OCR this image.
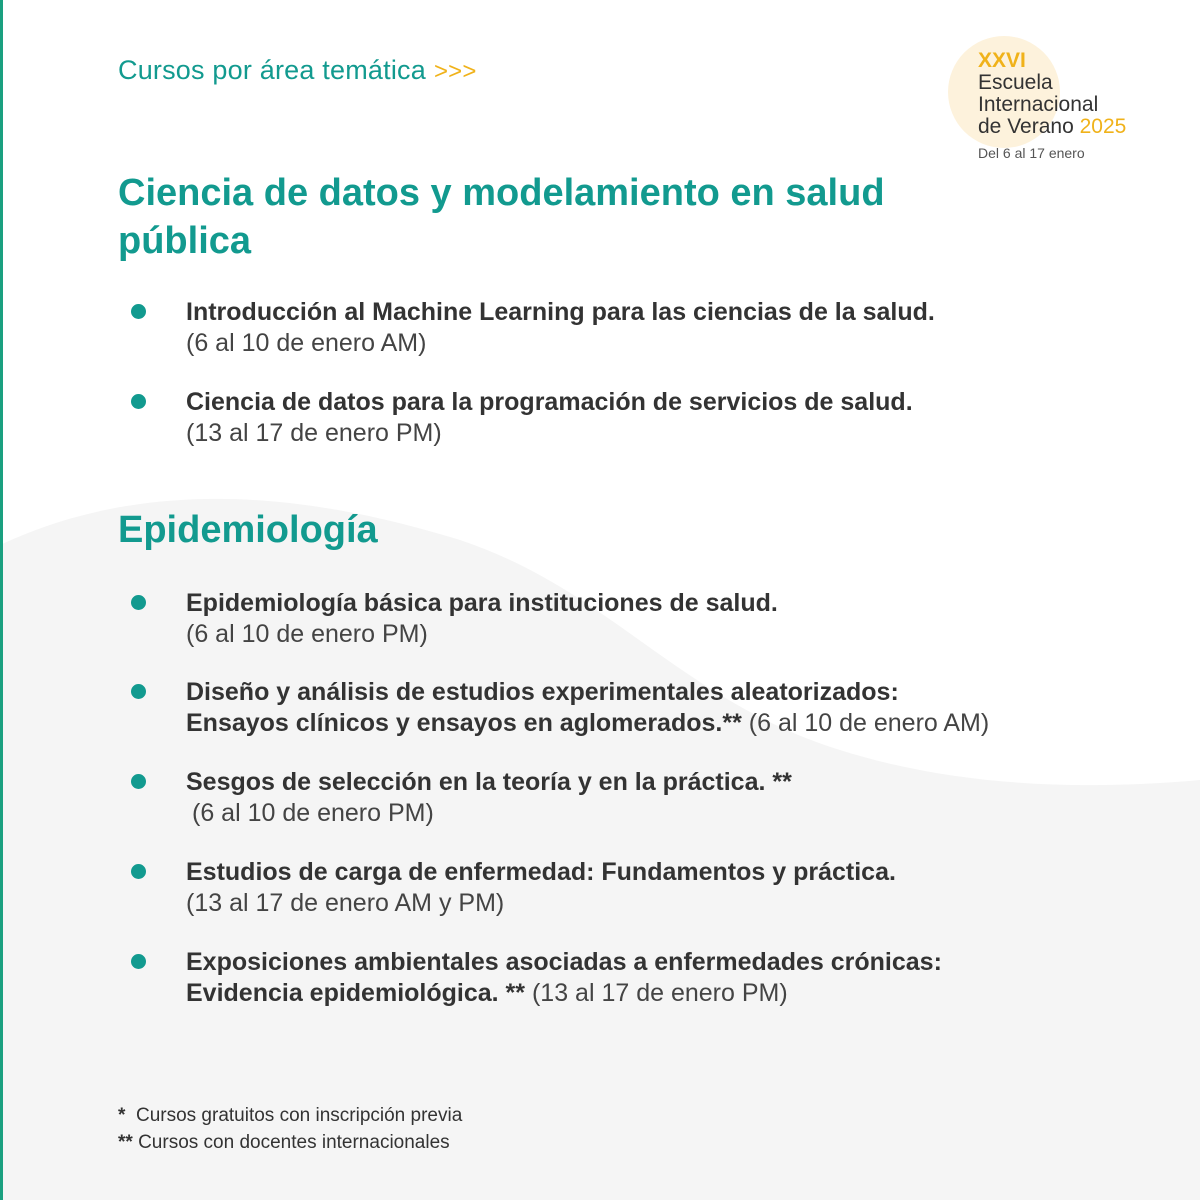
Cursos por área temática >>>	XXVI
Escuela
Internacional
de Verano 2025
Del 6 al 17 enero
Ciencia de datos y modelamiento en salud pública
Introducción al Machine Learning para las ciencias de la salud.
(6 al 10 de enero AM)
Ciencia de datos para la programación de servicios de salud.
(13 al 17 de enero PM)
Epidemiología
Epidemiología básica para instituciones de salud.
(6 al 10 de enero PM)
Diseño y análisis de estudios experimentales aleatorizados:
Ensayos clínicos y ensayos en aglomerados.** (6 al 10 de enero AM)
Sesgos de selección en la teoría y en la práctica. **
(6 al 10 de enero PM)
Estudios de carga de enfermedad: Fundamentos y práctica.
(13 al 17 de enero AM y PM)
Exposiciones ambientales asociadas a enfermedades crónicas:
Evidencia epidemiológica. ** (13 al 17 de enero PM)
* Cursos gratuitos con inscripción previa
** Cursos con docentes internacionales
